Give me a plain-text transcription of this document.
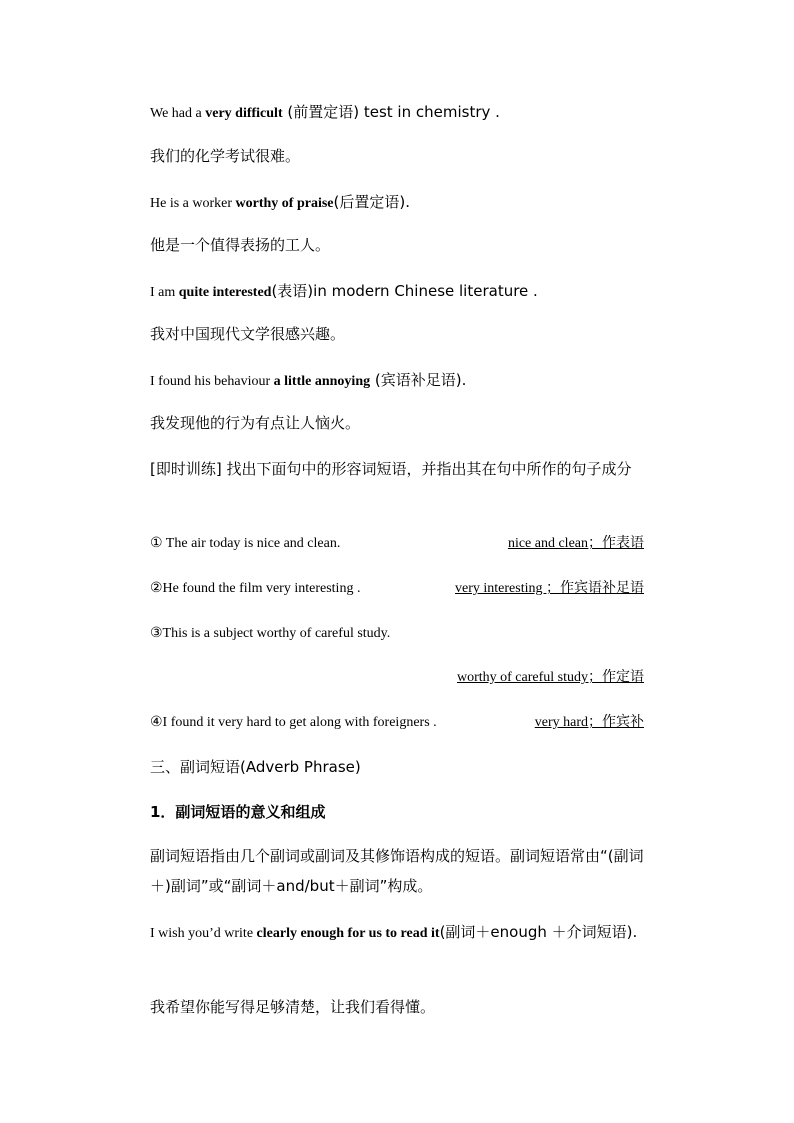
We had a very difficult (前置定语) test in chemistry .
我们的化学考试很难。
He is a worker worthy of praise(后置定语).
他是一个值得表扬的工人。
I am quite interested(表语)in modern Chinese literature .
我对中国现代文学很感兴趣。
I found his behaviour a little annoying (宾语补足语).
我发现他的行为有点让人恼火。
[即时训练] 找出下面句中的形容词短语，并指出其在句中所作的句子成分
① The air today is nice and clean.	nice and clean；作表语
②He found the film very interesting .	very interesting ；作宾语补足语
③This is a subject worthy of careful study.
worthy of careful study；作定语
④I found it very hard to get along with foreigners .	very hard；作宾补
三、副词短语(Adverb Phrase)
1．副词短语的意义和组成
副词短语指由几个副词或副词及其修饰语构成的短语。副词短语常由“(副词＋)副词”或“副词＋and/but＋副词”构成。
I wish you’d write clearly enough for us to read it(副词＋enough ＋介词短语).
我希望你能写得足够清楚，让我们看得懂。
